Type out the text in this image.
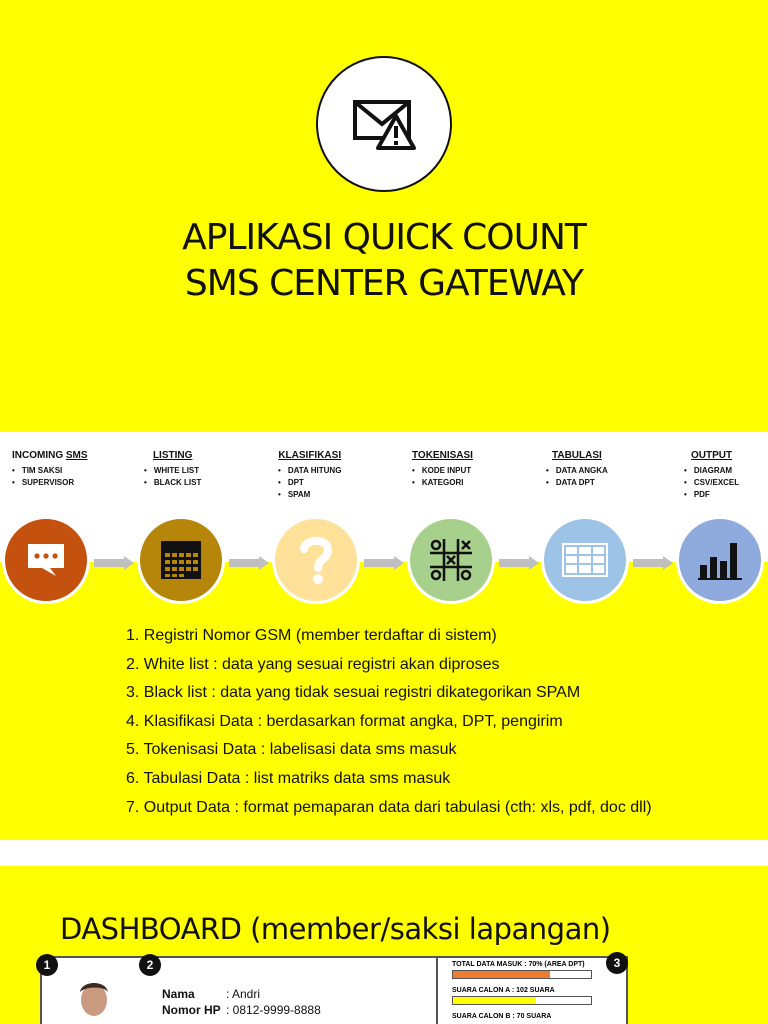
APLIKASI QUICK COUNT
SMS CENTER GATEWAY
INCOMING SMS
• TIM SAKSI
• SUPERVISOR
LISTING
• WHITE LIST
• BLACK LIST
KLASIFIKASI
• DATA HITUNG
• DPT
• SPAM
TOKENISASI
• KODE INPUT
• KATEGORI
TABULASI
• DATA ANGKA
• DATA DPT
OUTPUT
• DIAGRAM
• CSV/EXCEL
• PDF
1. Registri Nomor GSM (member terdaftar di sistem)
2. White list : data yang sesuai registri akan diproses
3. Black list : data yang tidak sesuai registri dikategorikan SPAM
4. Klasifikasi Data : berdasarkan format angka, DPT, pengirim
5. Tokenisasi Data : labelisasi data sms masuk
6. Tabulasi Data : list matriks data sms masuk
7. Output Data : format pemaparan data dari tabulasi (cth: xls, pdf, doc dll)
DASHBOARD (member/saksi lapangan)
1	2	3
Nama	: Andri
Nomor HP : 0812-9999-8888
TOTAL DATA MASUK : 70% (AREA DPT)
SUARA CALON A : 102 SUARA
SUARA CALON B : 70 SUARA
